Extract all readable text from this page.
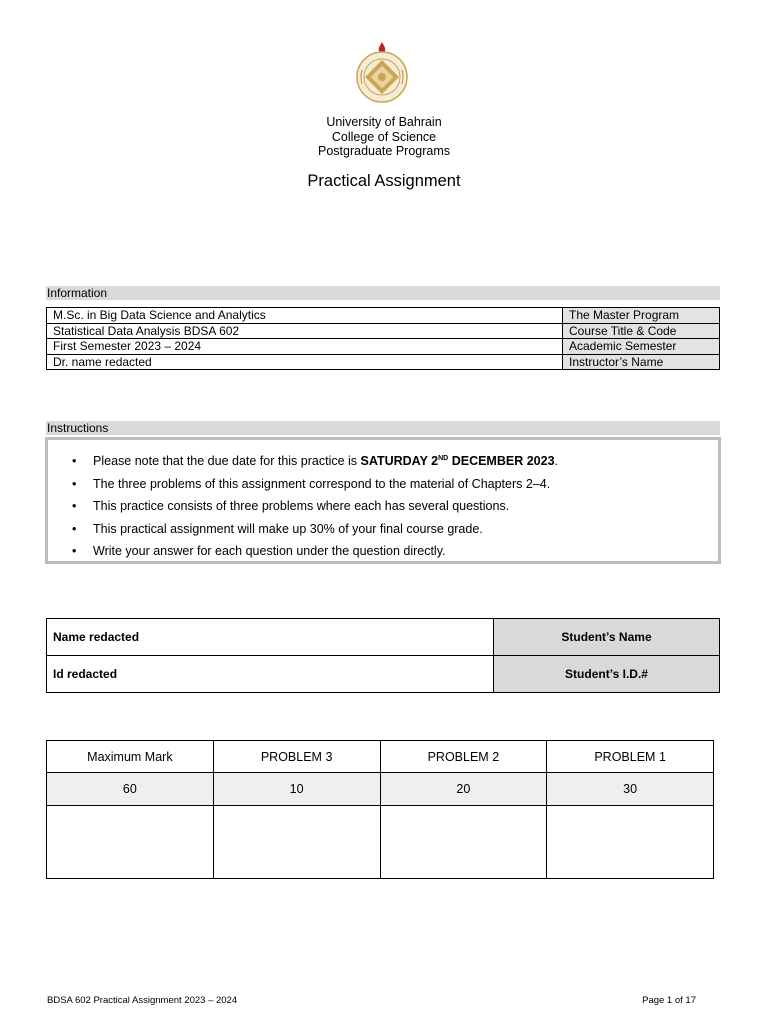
University of Bahrain
College of Science
Postgraduate Programs
Practical Assignment
Information
M.Sc. in Big Data Science and Analytics	The Master Program
Statistical Data Analysis BDSA 602	Course Title & Code
First Semester 2023 – 2024	Academic Semester
Dr. name redacted	Instructor’s Name
Instructions
• Please note that the due date for this practice is SATURDAY 2ND DECEMBER 2023.
• The three problems of this assignment correspond to the material of Chapters 2–4.
• This practice consists of three problems where each has several questions.
• This practical assignment will make up 30% of your final course grade.
• Write your answer for each question under the question directly.
Name redacted	Student’s Name
Id redacted	Student’s I.D.#
Maximum Mark	PROBLEM 3	PROBLEM 2	PROBLEM 1
60	10	20	30

BDSA 602 Practical Assignment 2023 – 2024	Page 1 of 17
